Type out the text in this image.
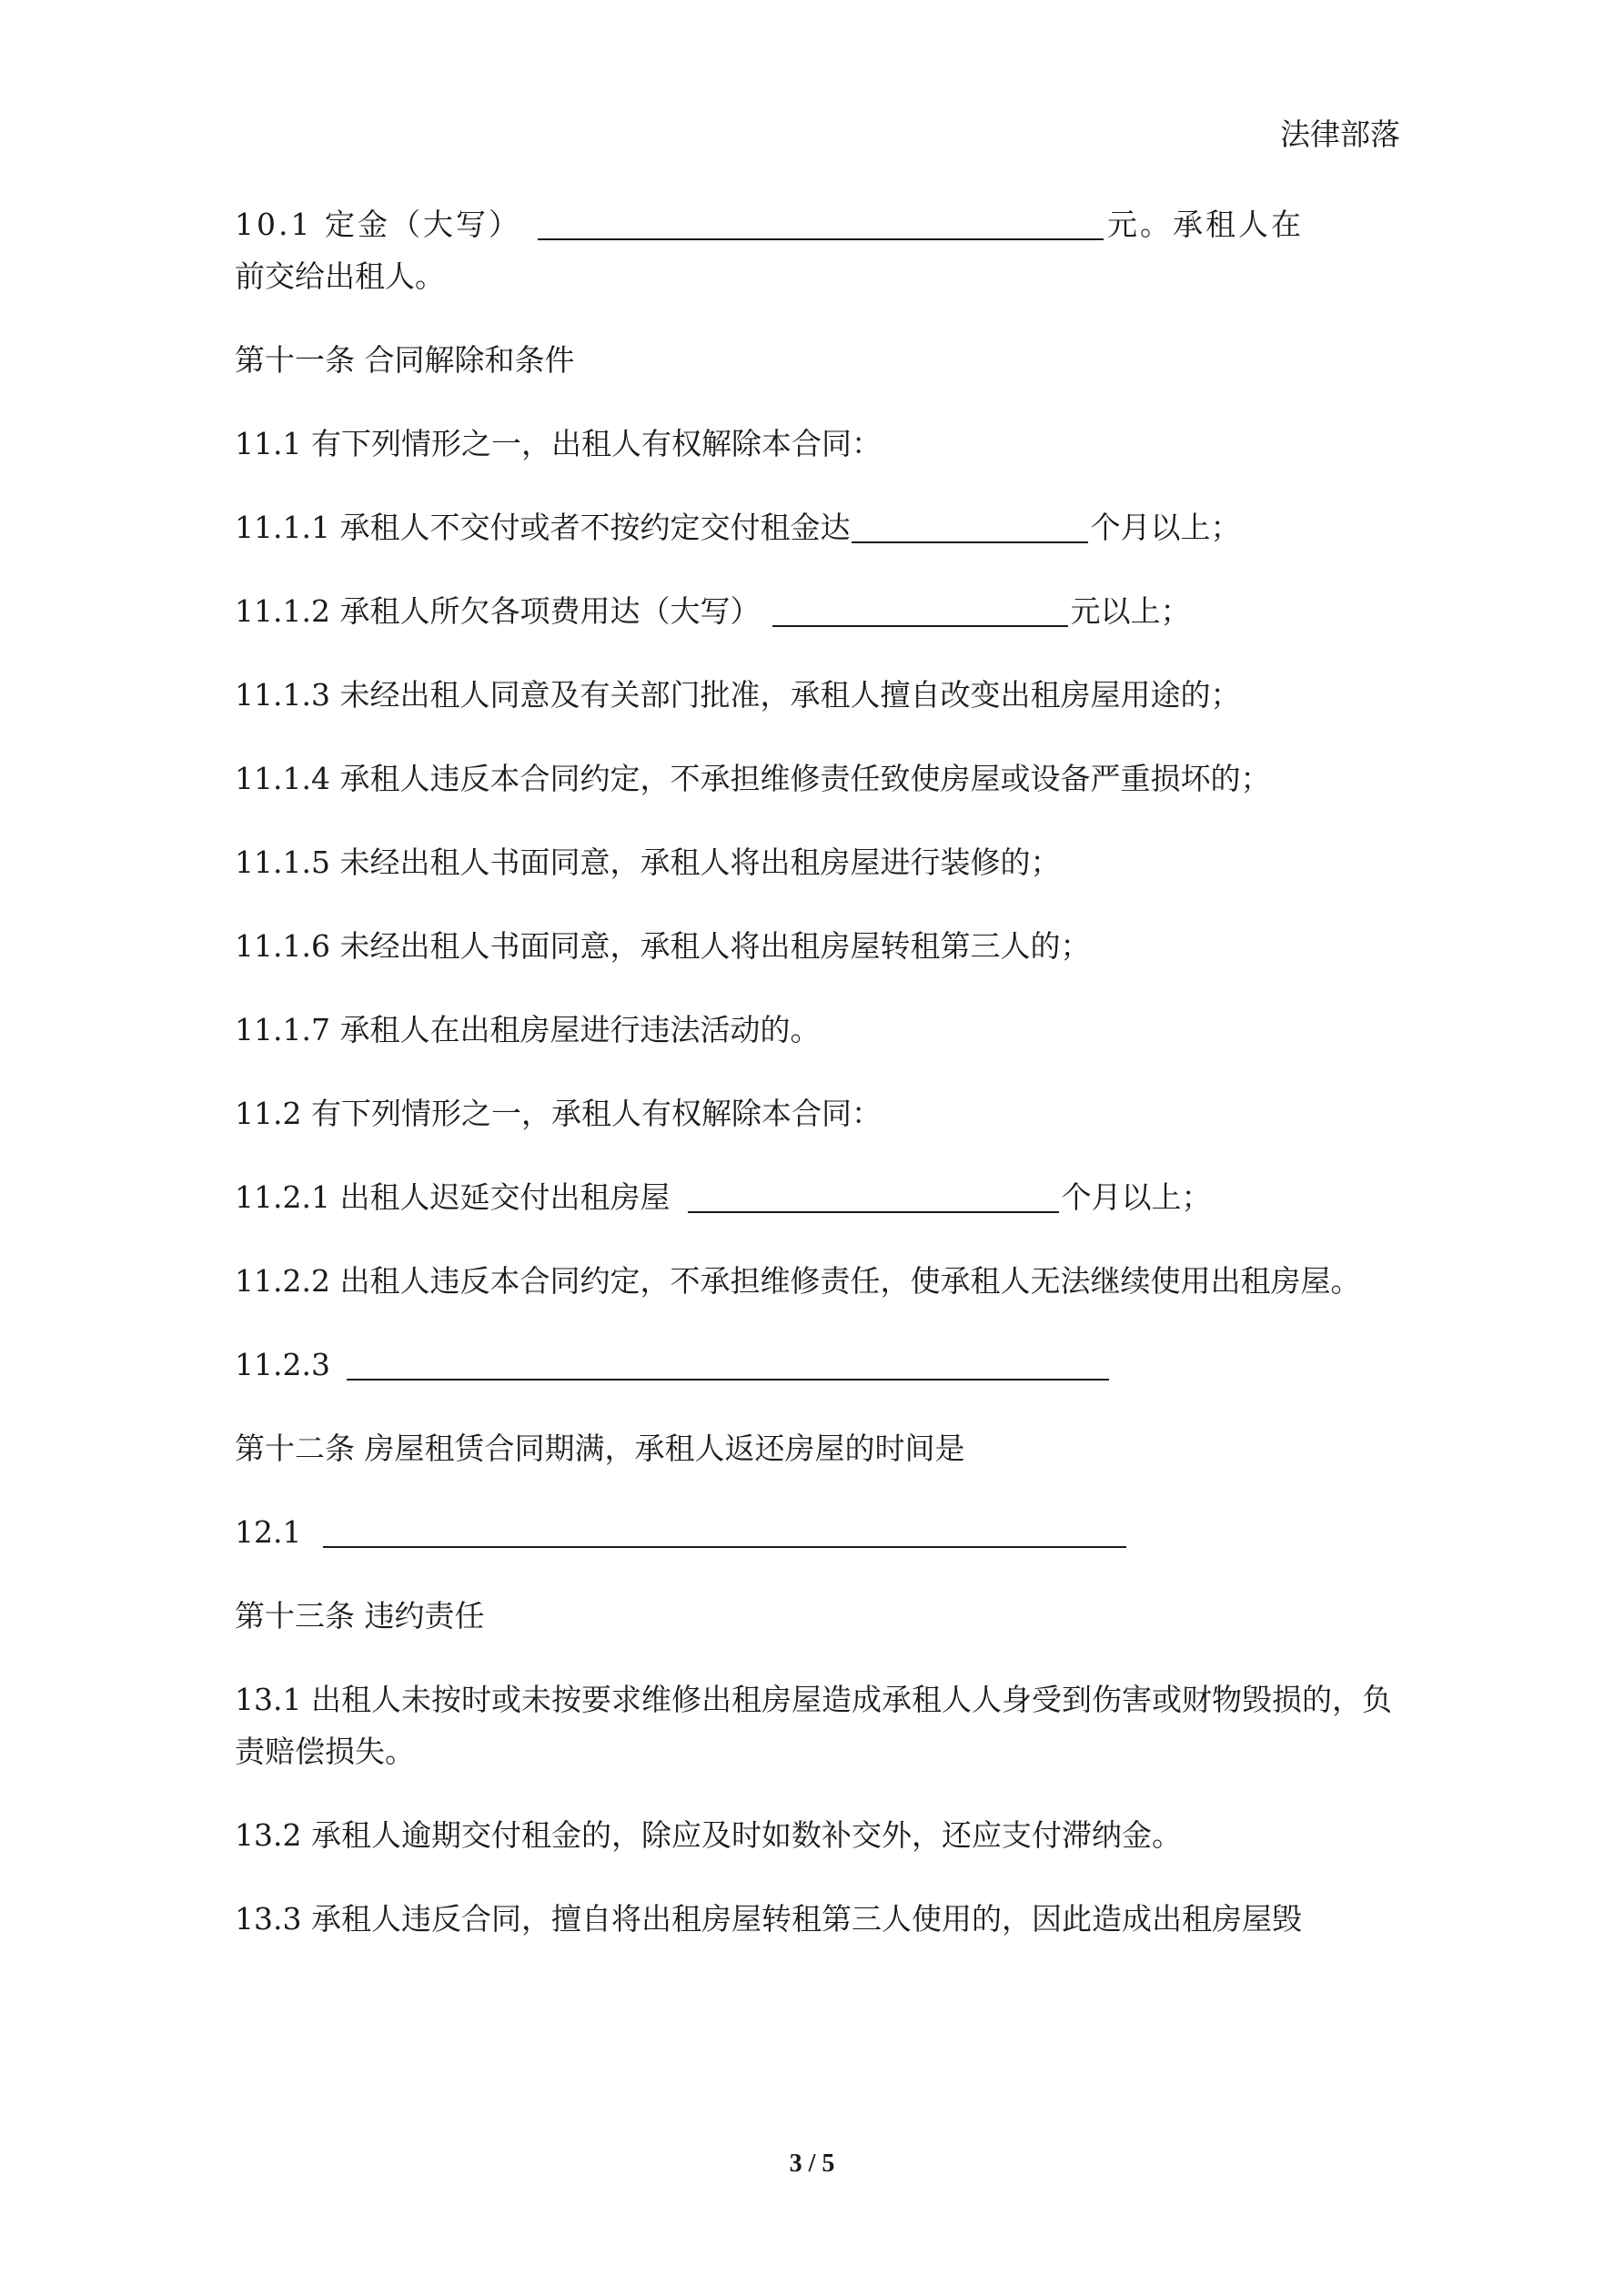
法律部落
10.1 定金（大写）	元。承租人在
前交给出租人。
第十一条 合同解除和条件
11.1 有下列情形之一，出租人有权解除本合同：
11.1.1 承租人不交付或者不按约定交付租金达	个月以上；
11.1.2 承租人所欠各项费用达（大写）	元以上；
11.1.3 未经出租人同意及有关部门批准，承租人擅自改变出租房屋用途的；
11.1.4 承租人违反本合同约定，不承担维修责任致使房屋或设备严重损坏的；
11.1.5 未经出租人书面同意，承租人将出租房屋进行装修的；
11.1.6 未经出租人书面同意，承租人将出租房屋转租第三人的；
11.1.7 承租人在出租房屋进行违法活动的。
11.2 有下列情形之一，承租人有权解除本合同：
11.2.1 出租人迟延交付出租房屋	个月以上；
11.2.2 出租人违反本合同约定，不承担维修责任，使承租人无法继续使用出租房屋。
11.2.3
第十二条 房屋租赁合同期满，承租人返还房屋的时间是
12.1
第十三条 违约责任
13.1 出租人未按时或未按要求维修出租房屋造成承租人人身受到伤害或财物毁损的，负责赔偿损失。
13.2 承租人逾期交付租金的，除应及时如数补交外，还应支付滞纳金。
13.3 承租人违反合同，擅自将出租房屋转租第三人使用的，因此造成出租房屋毁
3 / 5
